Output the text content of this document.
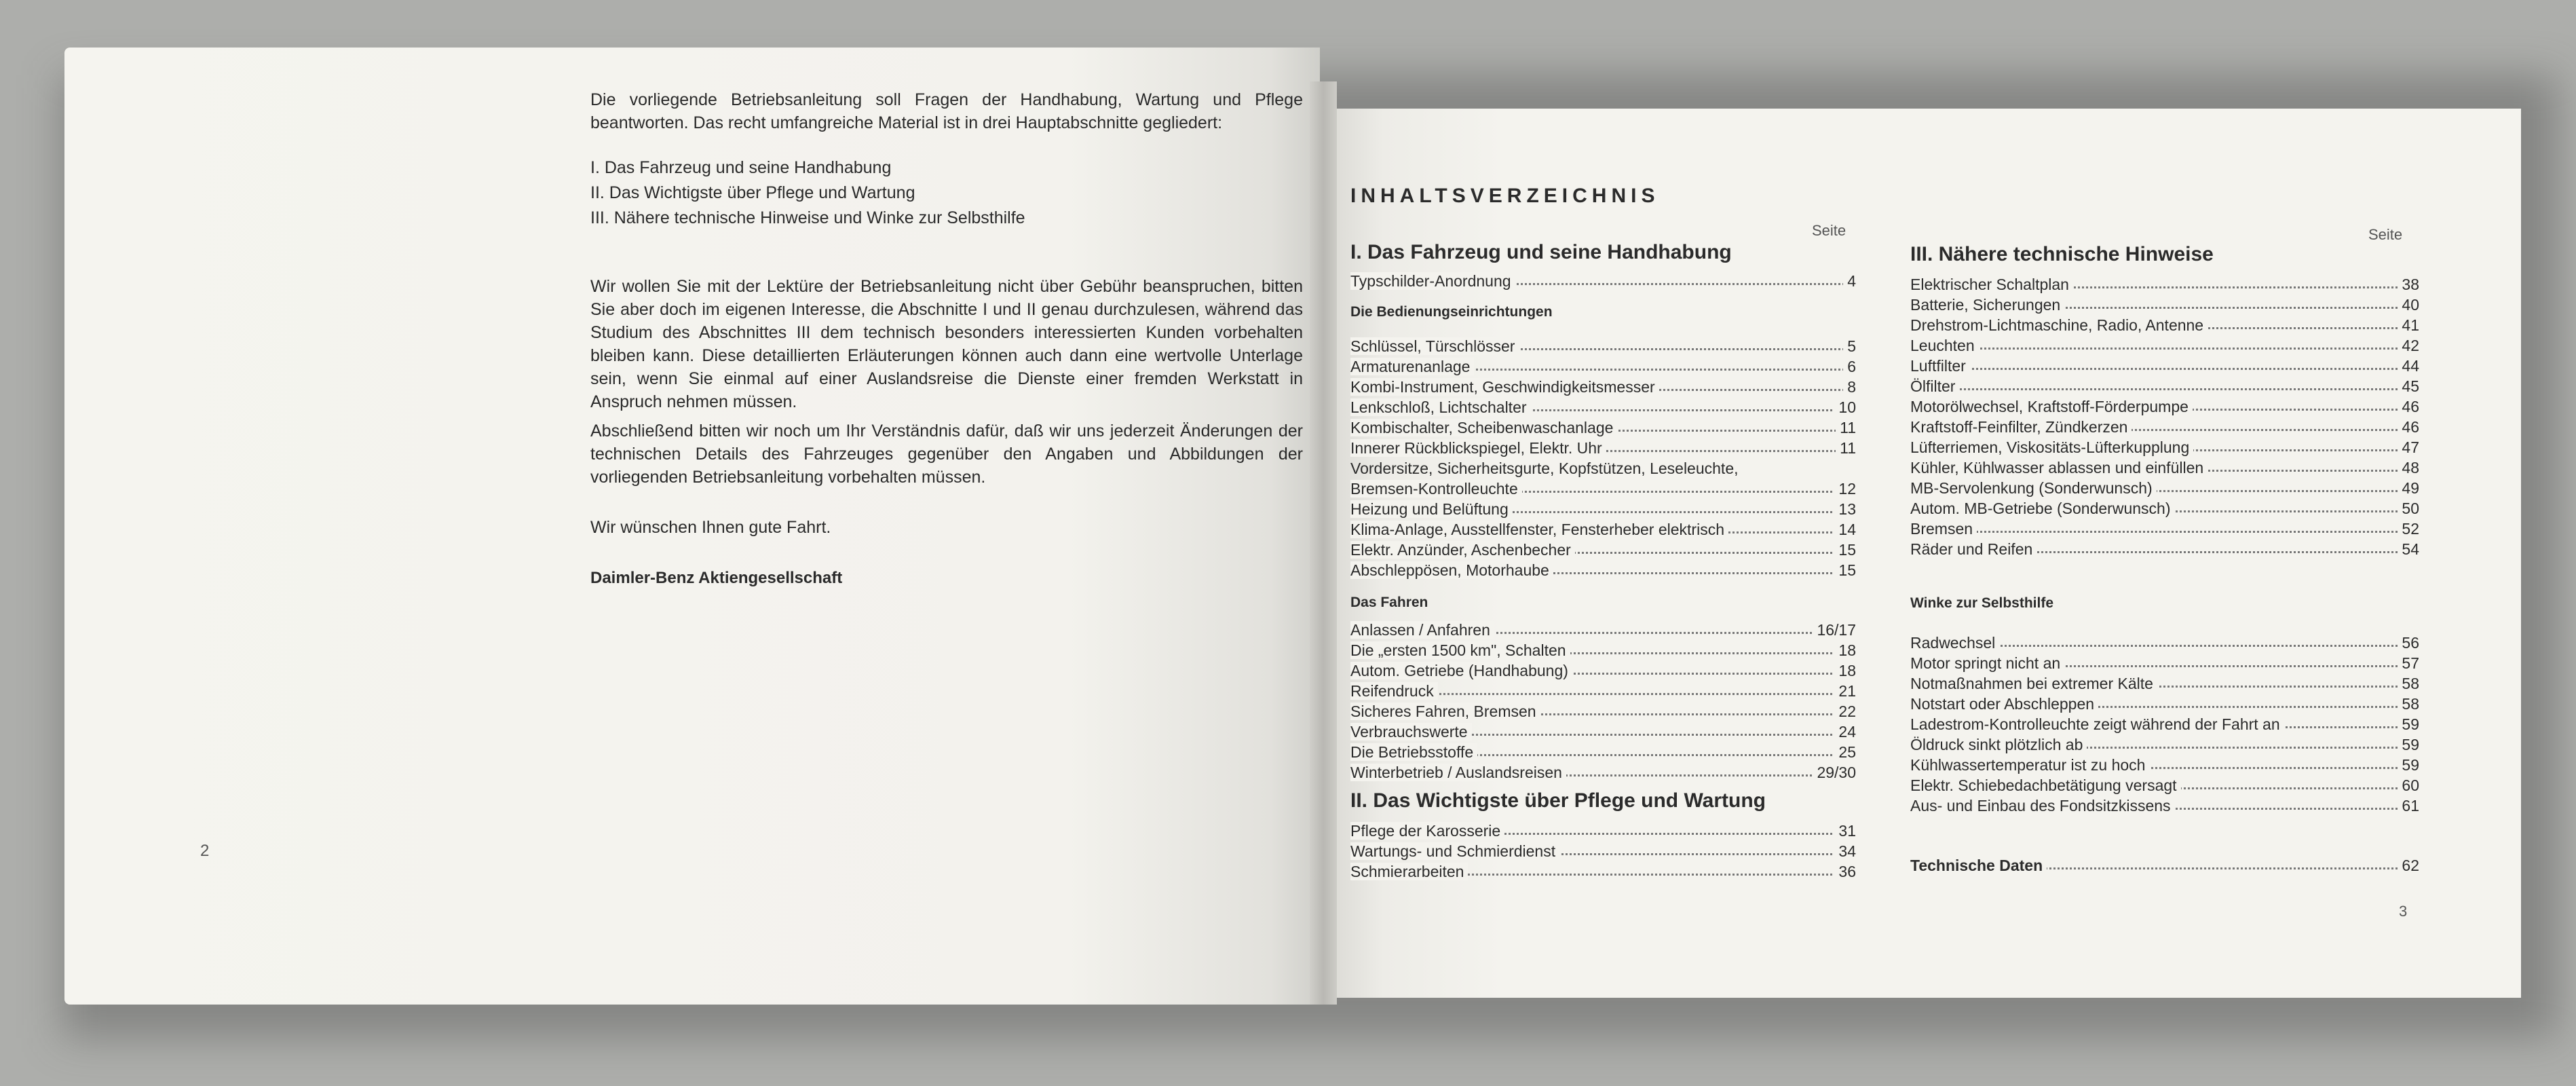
Die vorliegende Betriebsanleitung soll Fragen der Handhabung, Wartung und Pflege beantworten. Das recht umfangreiche Material ist in drei Hauptabschnitte gegliedert:

I. Das Fahrzeug und seine Handhabung
II. Das Wichtigste über Pflege und Wartung
III. Nähere technische Hinweise und Winke zur Selbsthilfe

Wir wollen Sie mit der Lektüre der Betriebsanleitung nicht über Gebühr beanspruchen, bitten Sie aber doch im eigenen Interesse, die Abschnitte I und II genau durchzulesen, während das Studium des Abschnittes III dem technisch besonders interessierten Kunden vorbehalten bleiben kann. Diese detaillierten Erläuterungen können auch dann eine wertvolle Unterlage sein, wenn Sie einmal auf einer Auslandsreise die Dienste einer fremden Werkstatt in Anspruch nehmen müssen.

Abschließend bitten wir noch um Ihr Verständnis dafür, daß wir uns jederzeit Änderungen der technischen Details des Fahrzeuges gegenüber den Angaben und Abbildungen der vorliegenden Betriebsanleitung vorbehalten müssen.

Wir wünschen Ihnen gute Fahrt.
Daimler-Benz Aktiengesellschaft
2
INHALTSVERZEICHNIS
Seite	Seite
I. Das Fahrzeug und seine Handhabung
Typschilder-Anordnung	4
Die Bedienungseinrichtungen
Schlüssel, Türschlösser	5
Armaturenanlage	6
Kombi-Instrument, Geschwindigkeitsmesser	8
Lenkschloß, Lichtschalter	10
Kombischalter, Scheibenwaschanlage	11
Innerer Rückblickspiegel, Elektr. Uhr	11
Vordersitze, Sicherheitsgurte, Kopfstützen, Leseleuchte,
Bremsen-Kontrolleuchte	12
Heizung und Belüftung	13
Klima-Anlage, Ausstellfenster, Fensterheber elektrisch	14
Elektr. Anzünder, Aschenbecher	15
Abschleppösen, Motorhaube	15
Das Fahren
Anlassen / Anfahren	16/17
Die „ersten 1500 km", Schalten	18
Autom. Getriebe (Handhabung)	18
Reifendruck	21
Sicheres Fahren, Bremsen	22
Verbrauchswerte	24
Die Betriebsstoffe	25
Winterbetrieb / Auslandsreisen	29/30
II. Das Wichtigste über Pflege und Wartung
Pflege der Karosserie	31
Wartungs- und Schmierdienst	34
Schmierarbeiten	36
III. Nähere technische Hinweise
Elektrischer Schaltplan	38
Batterie, Sicherungen	40
Drehstrom-Lichtmaschine, Radio, Antenne	41
Leuchten	42
Luftfilter	44
Ölfilter	45
Motorölwechsel, Kraftstoff-Förderpumpe	46
Kraftstoff-Feinfilter, Zündkerzen	46
Lüfterriemen, Viskositäts-Lüfterkupplung	47
Kühler, Kühlwasser ablassen und einfüllen	48
MB-Servolenkung (Sonderwunsch)	49
Autom. MB-Getriebe (Sonderwunsch)	50
Bremsen	52
Räder und Reifen	54
Winke zur Selbsthilfe
Radwechsel	56
Motor springt nicht an	57
Notmaßnahmen bei extremer Kälte	58
Notstart oder Abschleppen	58
Ladestrom-Kontrolleuchte zeigt während der Fahrt an	59
Öldruck sinkt plötzlich ab	59
Kühlwassertemperatur ist zu hoch	59
Elektr. Schiebedachbetätigung versagt	60
Aus- und Einbau des Fondsitzkissens	61
Technische Daten	62
3
